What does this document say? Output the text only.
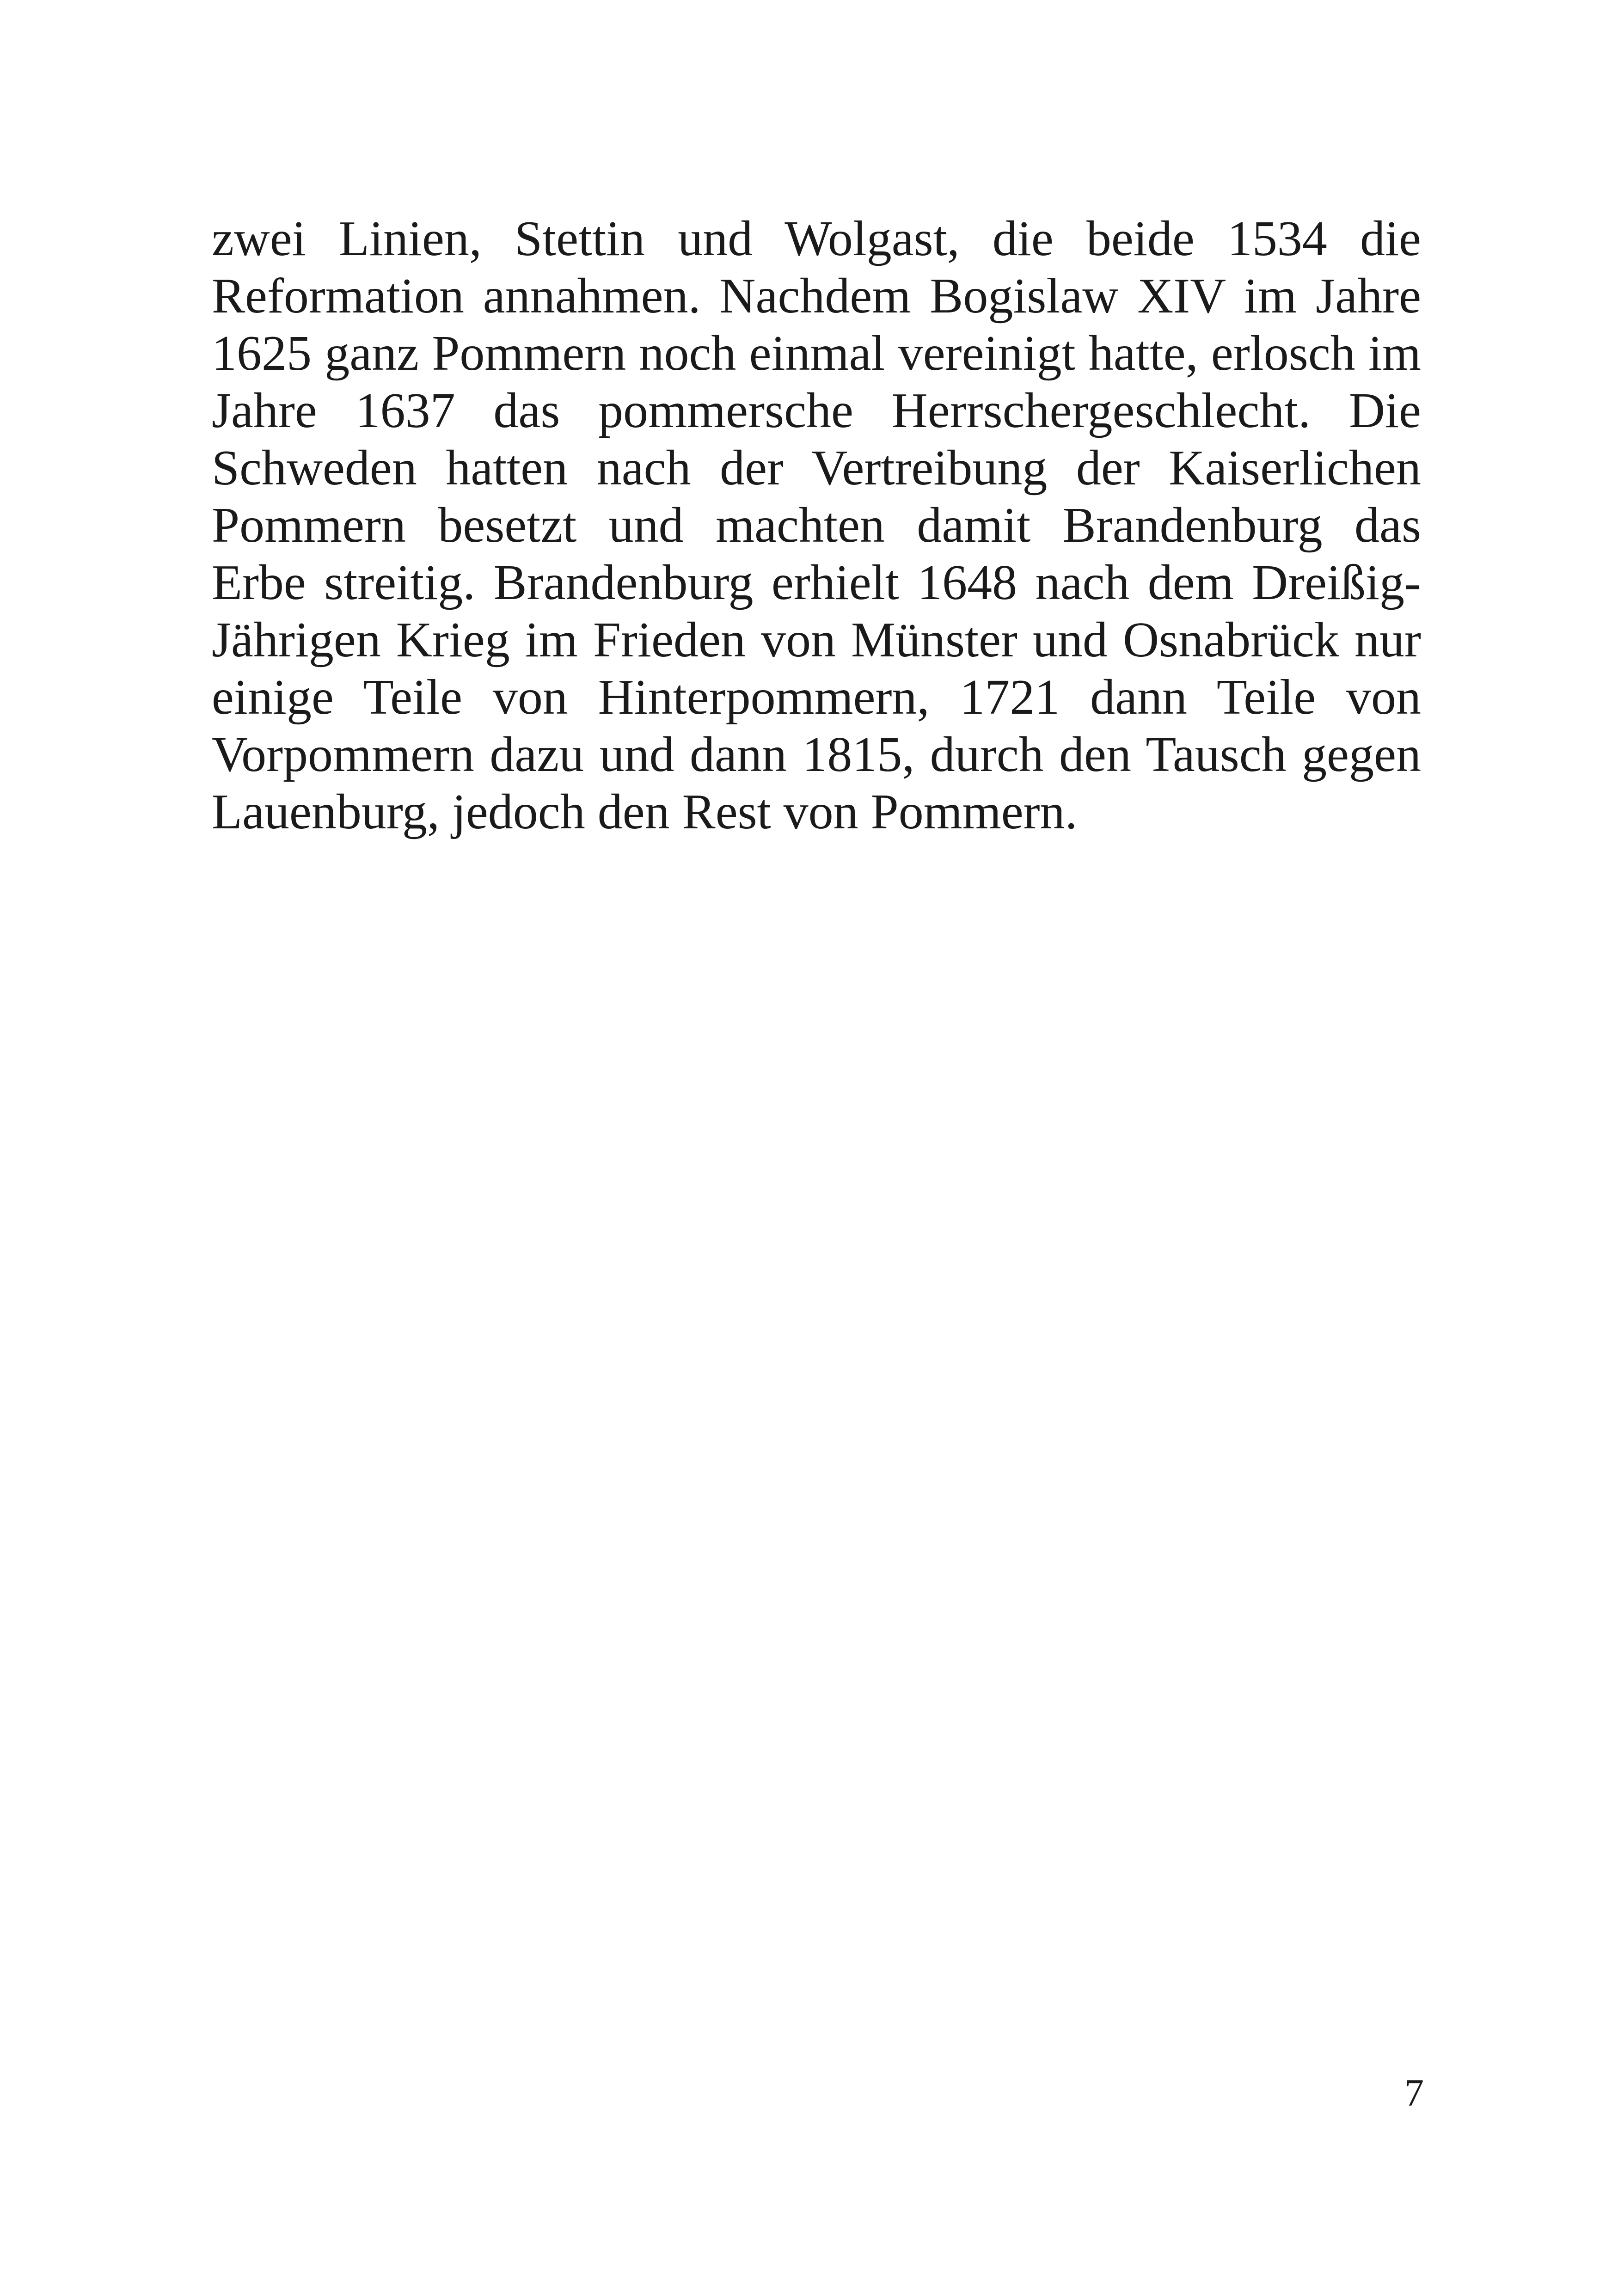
zwei Linien, Stettin und Wolgast, die beide 1534 die
Reformation annahmen. Nachdem Bogislaw XIV im Jahre
1625 ganz Pommern noch einmal vereinigt hatte, erlosch im
Jahre 1637 das pommersche Herrschergeschlecht. Die
Schweden hatten nach der Vertreibung der Kaiserlichen
Pommern besetzt und machten damit Brandenburg das
Erbe streitig. Brandenburg erhielt 1648 nach dem Dreißig-
Jährigen Krieg im Frieden von Münster und Osnabrück nur
einige Teile von Hinterpommern, 1721 dann Teile von
Vorpommern dazu und dann 1815, durch den Tausch gegen
Lauenburg, jedoch den Rest von Pommern.
7
